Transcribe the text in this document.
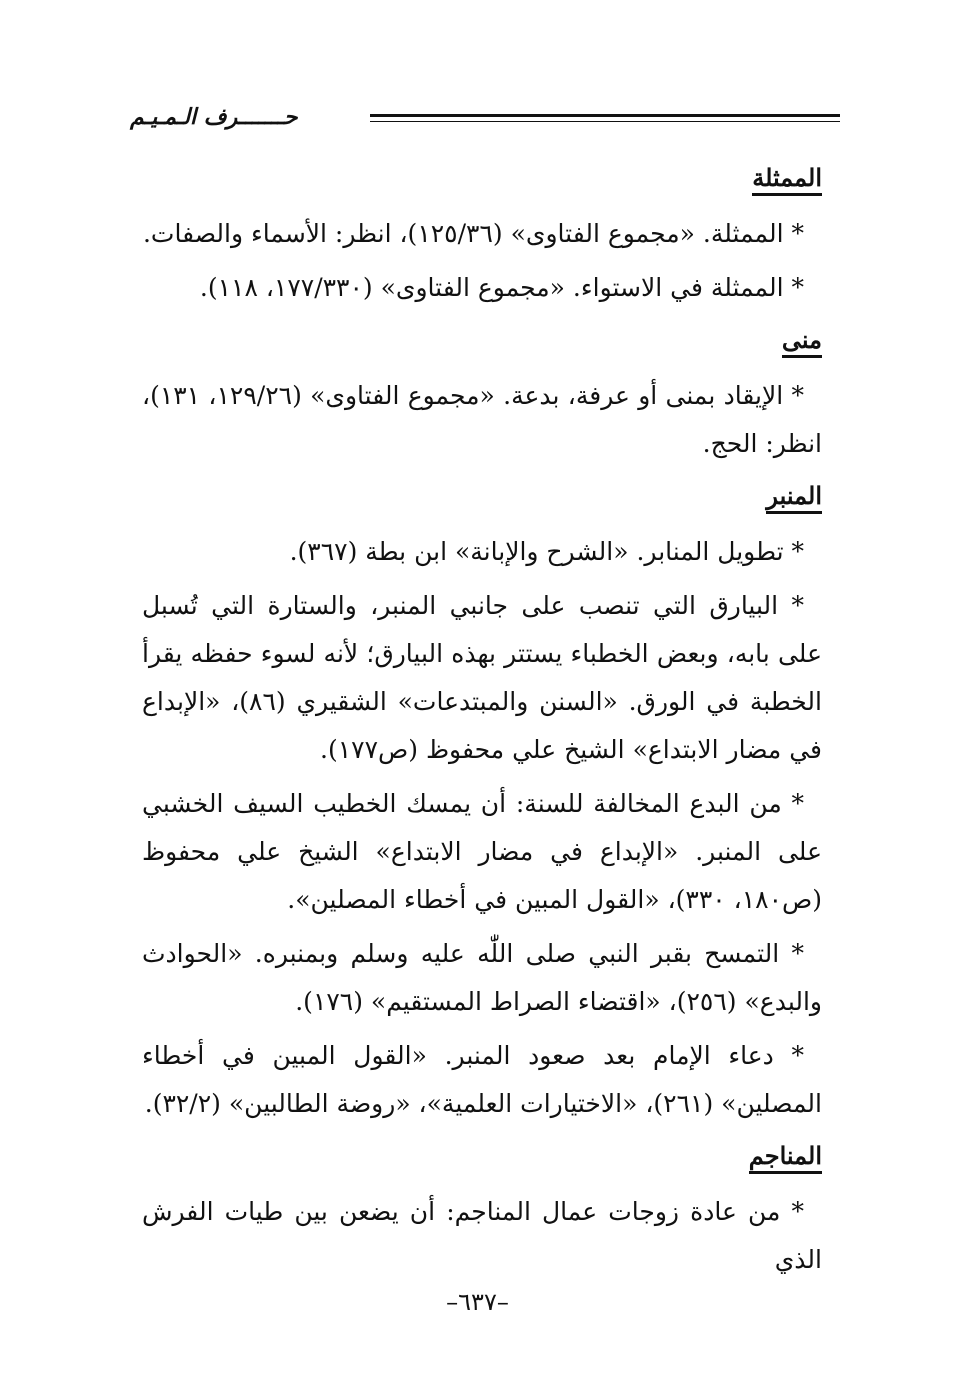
حـــــــرف الـمـيـم
الممثلة

* الممثلة. «مجموع الفتاوى» (١٢٥/٣٦)، انظر: الأسماء والصفات.

* الممثلة في الاستواء. «مجموع الفتاوى» (١٧٧/٣٣٠، ١١٨).

منى

* الإيقاد بمنى أو عرفة، بدعة. «مجموع الفتاوى» (١٢٩/٢٦، ١٣١)، انظر: الحج.

المنبر

* تطويل المنابر. «الشرح والإبانة» ابن بطة (٣٦٧).

* البيارق التي تنصب على جانبي المنبر، والستارة التي تُسبل على بابه، وبعض الخطباء يستتر بهذه البيارق؛ لأنه لسوء حفظه يقرأ الخطبة في الورق. «السنن والمبتدعات» الشقيري (٨٦)، «الإبداع في مضار الابتداع» الشيخ علي محفوظ (ص١٧٧).

* من البدع المخالفة للسنة: أن يمسك الخطيب السيف الخشبي على المنبر. «الإبداع في مضار الابتداع» الشيخ علي محفوظ (ص١٨٠، ٣٣٠)، «القول المبين في أخطاء المصلين».

* التمسح بقبر النبي صلى اللّٰه عليه وسلم وبمنبره. «الحوادث والبدع» (٢٥٦)، «اقتضاء الصراط المستقيم» (١٧٦).

* دعاء الإمام بعد صعود المنبر. «القول المبين في أخطاء المصلين» (٢٦١)، «الاختيارات العلمية»، «روضة الطالبين» (٣٢/٢).

المناجم

* من عادة زوجات عمال المناجم: أن يضعن بين طيات الفرش الذي

–٦٣٧–
